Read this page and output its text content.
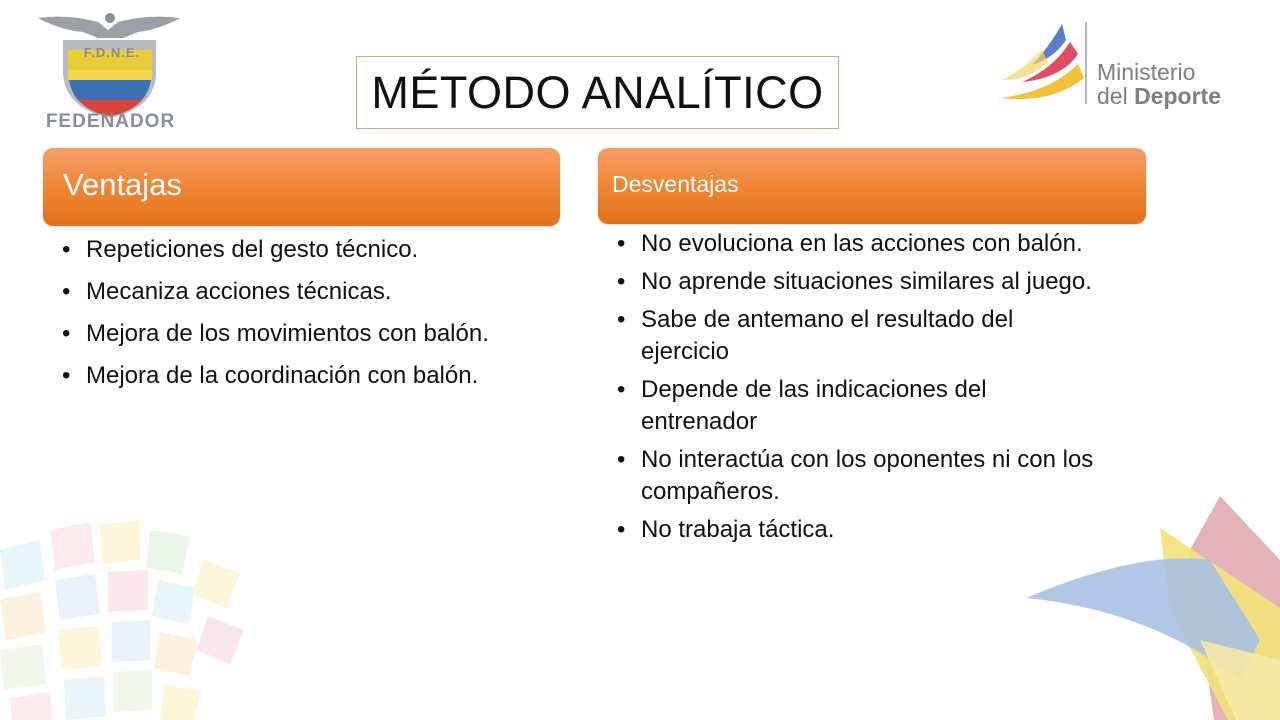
F.D.N.E.
FEDENADOR
Ministerio
del Deporte
MÉTODO ANALÍTICO
Ventajas
• Repeticiones del gesto técnico.
• Mecaniza acciones técnicas.
• Mejora de los movimientos con balón.
• Mejora de la coordinación con balón.
Desventajas
• No evoluciona en las acciones con balón.
• No aprende situaciones similares al juego.
• Sabe de antemano el resultado del ejercicio
• Depende de las indicaciones del entrenador
• No interactúa con los oponentes ni con los compañeros.
• No trabaja táctica.
